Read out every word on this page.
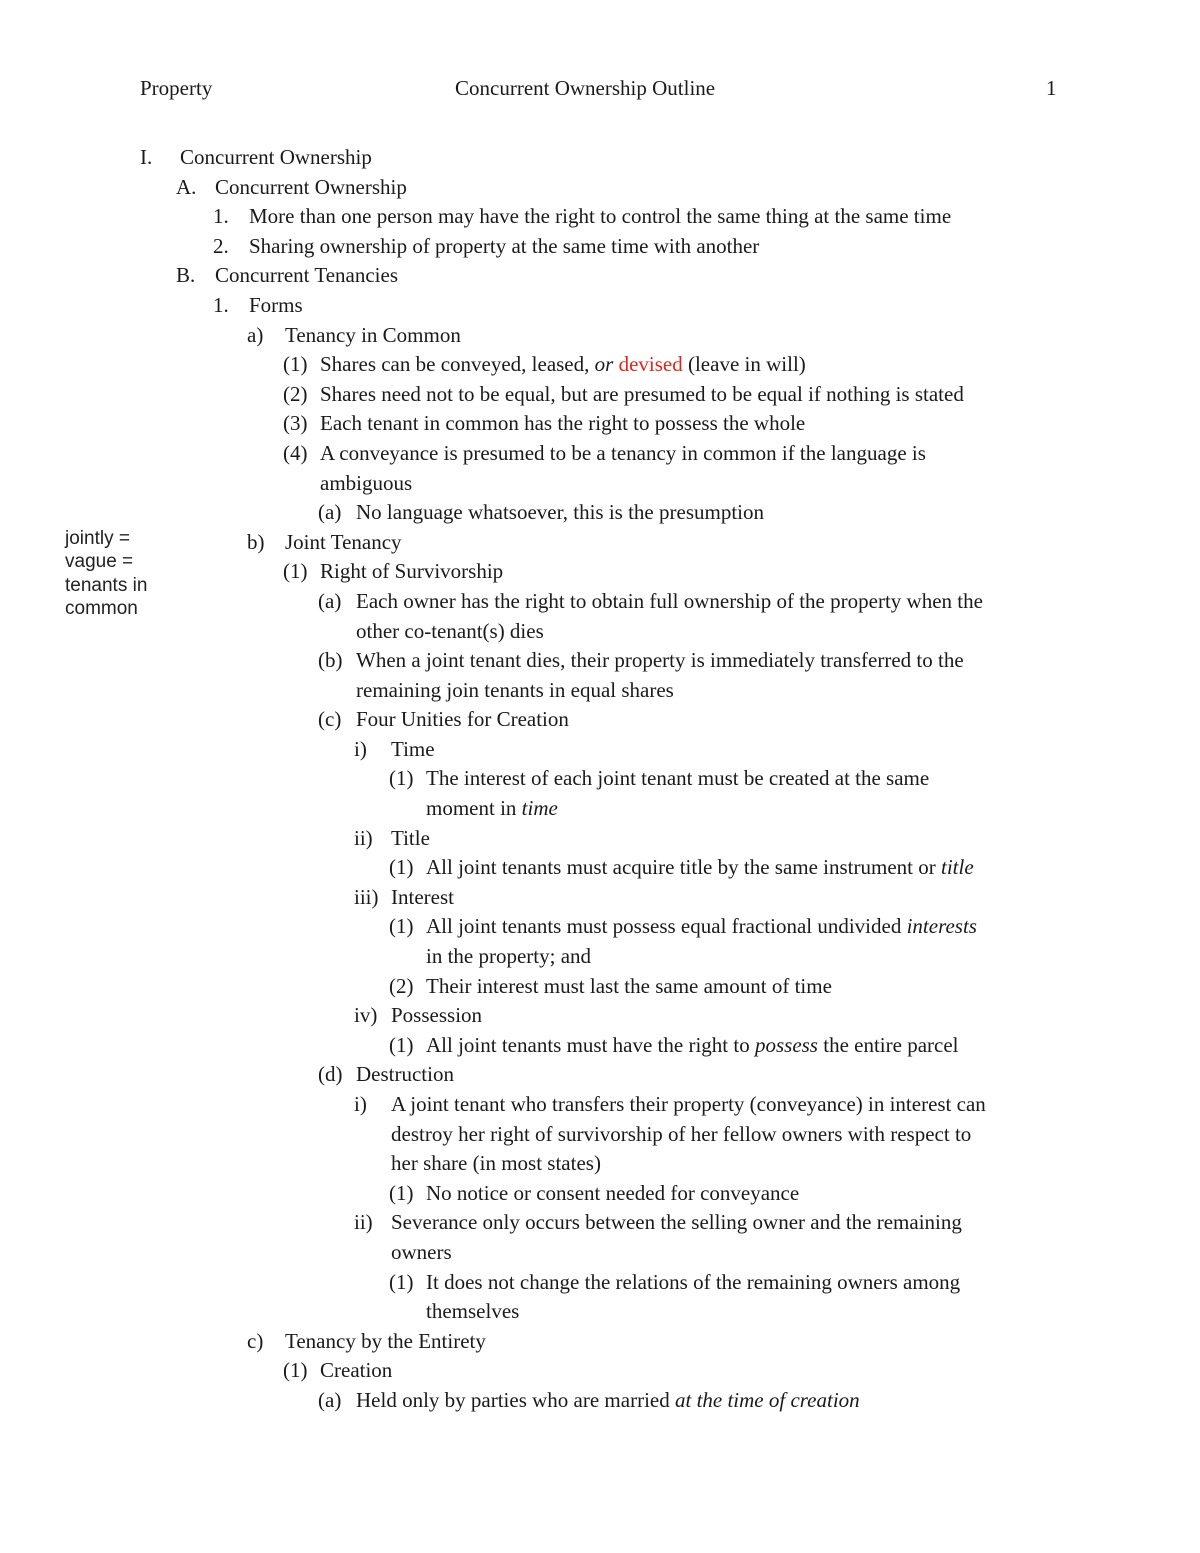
Property	Concurrent Ownership Outline	1
jointly =
vague =
tenants in
common

I. Concurrent Ownership

A. Concurrent Ownership

1. More than one person may have the right to control the same thing at the same time

2. Sharing ownership of property at the same time with another

B. Concurrent Tenancies

1. Forms

a) Tenancy in Common

(1) Shares can be conveyed, leased, or devised (leave in will)

(2) Shares need not to be equal, but are presumed to be equal if nothing is stated

(3) Each tenant in common has the right to possess the whole

(4) A conveyance is presumed to be a tenancy in common if the language is

ambiguous

(a) No language whatsoever, this is the presumption

b) Joint Tenancy

(1) Right of Survivorship

(a) Each owner has the right to obtain full ownership of the property when the

other co-tenant(s) dies

(b) When a joint tenant dies, their property is immediately transferred to the

remaining join tenants in equal shares

(c) Four Unities for Creation

i) Time

(1) The interest of each joint tenant must be created at the same

moment in time

ii) Title

(1) All joint tenants must acquire title by the same instrument or title

iii) Interest

(1) All joint tenants must possess equal fractional undivided interests

in the property; and

(2) Their interest must last the same amount of time

iv) Possession

(1) All joint tenants must have the right to possess the entire parcel

(d) Destruction

i) A joint tenant who transfers their property (conveyance) in interest can

destroy her right of survivorship of her fellow owners with respect to

her share (in most states)

(1) No notice or consent needed for conveyance

ii) Severance only occurs between the selling owner and the remaining

owners

(1) It does not change the relations of the remaining owners among

themselves

c) Tenancy by the Entirety

(1) Creation

(a) Held only by parties who are married at the time of creation
